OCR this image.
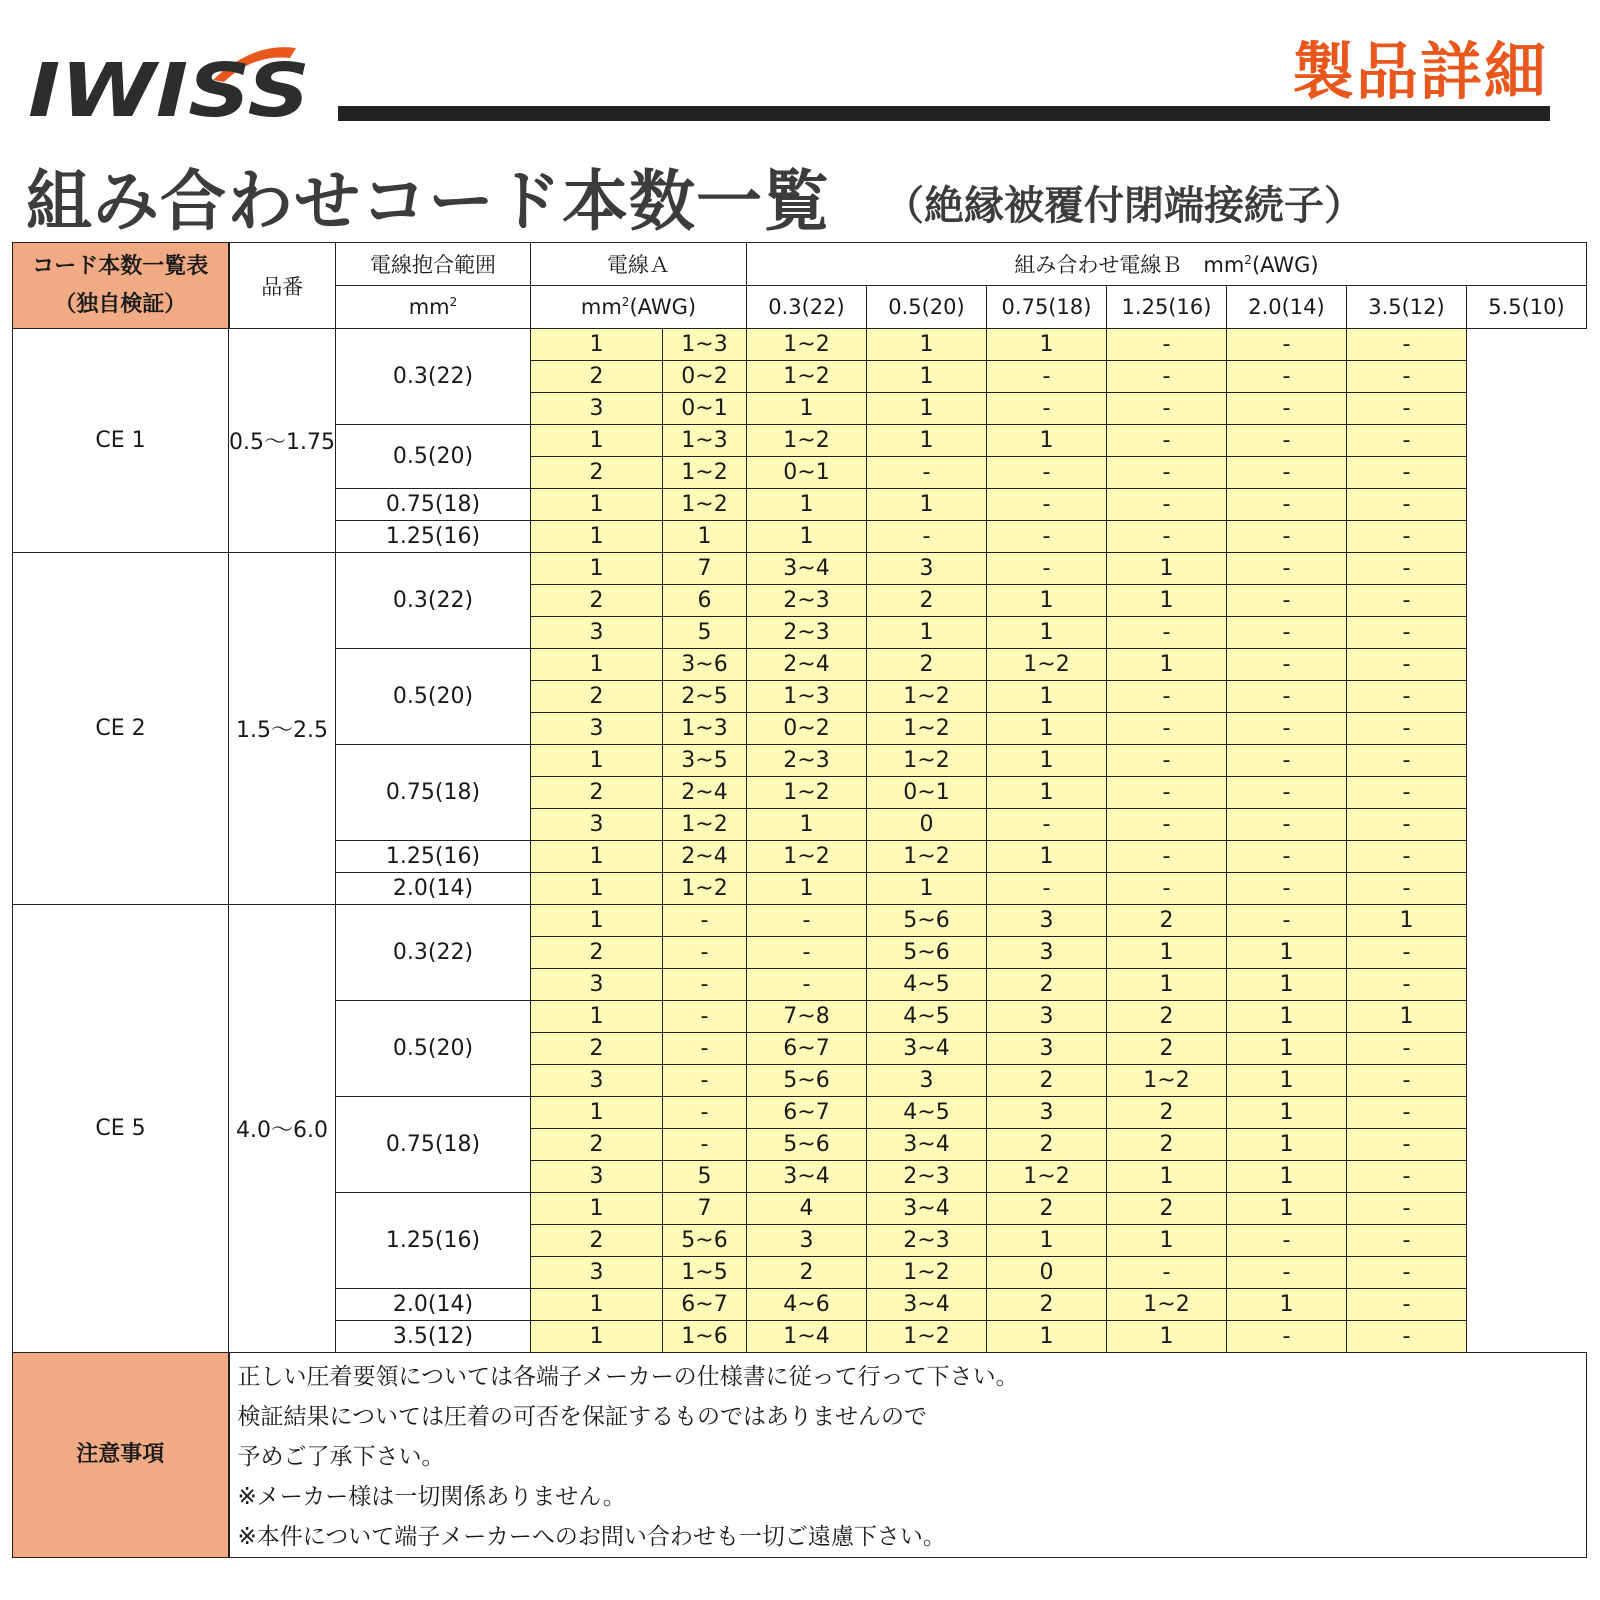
IWISS	製品詳細
組み合わせコード本数一覧 （絶縁被覆付閉端接続子）
コード本数一覧表
（独自検証）	品番	電線抱合範囲	電線Ａ		組み合わせ電線Ｂ　$mm^2(AWG)$						
		$mm^2$	$mm^2(AWG)$		0.3(22)	0.5(20)	0.75(18)	1.25(16)	2.0(14)	3.5(12)	5.5(10)
CE 1	0.5〜1.75	0.3(22)	1	1~3	1~2	1	1	-	-	-	
			2	0~2	1~2	1	-	-	-	-	
			3	0~1	1	1	-	-	-	-	
		0.5(20)	1	1~3	1~2	1	1	-	-	-	
			2	1~2	0~1	-	-	-	-	-	
		0.75(18)	1	1~2	1	1	-	-	-	-	
		1.25(16)	1	1	1	-	-	-	-	-	
CE 2	1.5〜2.5	0.3(22)	1	7	3~4	3	-	1	-	-	
			2	6	2~3	2	1	1	-	-	
			3	5	2~3	1	1	-	-	-	
		0.5(20)	1	3~6	2~4	2	1~2	1	-	-	
			2	2~5	1~3	1~2	1	-	-	-	
			3	1~3	0~2	1~2	1	-	-	-	
		0.75(18)	1	3~5	2~3	1~2	1	-	-	-	
			2	2~4	1~2	0~1	1	-	-	-	
			3	1~2	1	0	-	-	-	-	
		1.25(16)	1	2~4	1~2	1~2	1	-	-	-	
		2.0(14)	1	1~2	1	1	-	-	-	-	
CE 5	4.0〜6.0	0.3(22)	1	-	-	5~6	3	2	-	1	
			2	-	-	5~6	3	1	1	-	
			3	-	-	4~5	2	1	1	-	
		0.5(20)	1	-	7~8	4~5	3	2	1	1	
			2	-	6~7	3~4	3	2	1	-	
			3	-	5~6	3	2	1~2	1	-	
		0.75(18)	1	-	6~7	4~5	3	2	1	-	
			2	-	5~6	3~4	2	2	1	-	
			3	5	3~4	2~3	1~2	1	1	-	
		1.25(16)	1	7	4	3~4	2	2	1	-	
			2	5~6	3	2~3	1	1	-	-	
			3	1~5	2	1~2	0	-	-	-	
		2.0(14)	1	6~7	4~6	3~4	2	1~2	1	-	
		3.5(12)	1	1~6	1~4	1~2	1	1	-	-	
注意事項	正しい圧着要領については各端子メーカーの仕様書に従って行って下さい。
検証結果については圧着の可否を保証するものではありませんので
予めご了承下さい。
※メーカー様は一切関係ありません。
※本件について端子メーカーへのお問い合わせも一切ご遠慮下さい。										
